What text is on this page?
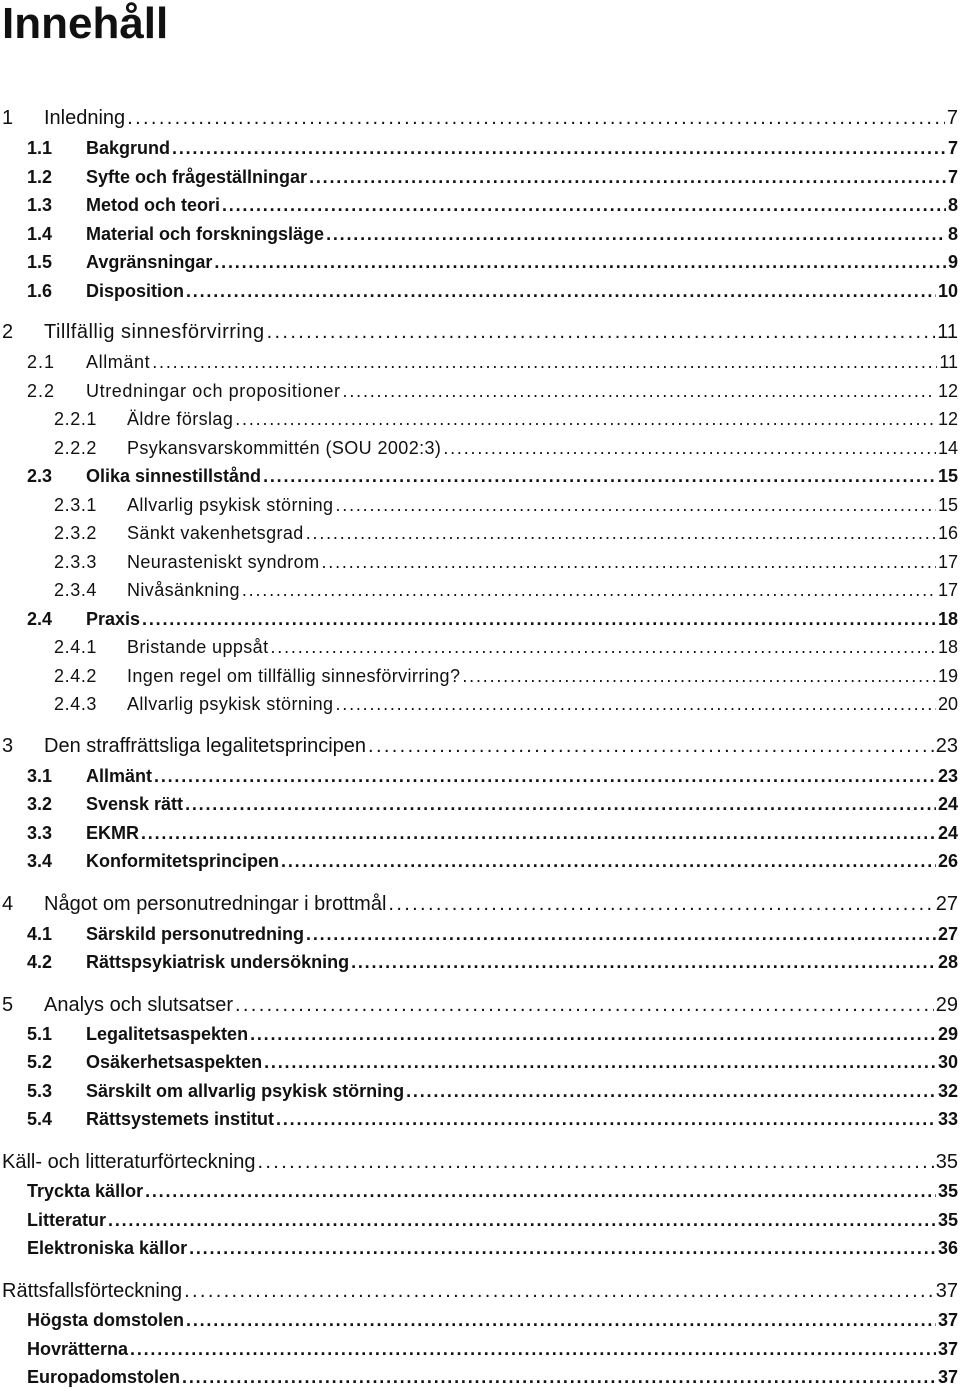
Innehåll
1	Inledning . . .	7
1.1	Bakgrund . . .	7
1.2	Syfte och frågeställningar . . .	7
1.3	Metod och teori . . .	8
1.4	Material och forskningsläge . . .	8
1.5	Avgränsningar . . .	9
1.6	Disposition . . .	10
2	Tillfällig sinnesförvirring . . .	11
2.1	Allmänt . . .	11
2.2	Utredningar och propositioner . . .	12
2.2.1	Äldre förslag . . .	12
2.2.2	Psykansvarskommittén (SOU 2002:3) . . .	14
2.3	Olika sinnestillstånd . . .	15
2.3.1	Allvarlig psykisk störning . . .	15
2.3.2	Sänkt vakenhetsgrad . . .	16
2.3.3	Neurasteniskt syndrom . . .	17
2.3.4	Nivåsänkning . . .	17
2.4	Praxis . . .	18
2.4.1	Bristande uppsåt . . .	18
2.4.2	Ingen regel om tillfällig sinnesförvirring? . . .	19
2.4.3	Allvarlig psykisk störning . . .	20
3	Den straffrättsliga legalitetsprincipen . . .	23
3.1	Allmänt . . .	23
3.2	Svensk rätt . . .	24
3.3	EKMR . . .	24
3.4	Konformitetsprincipen . . .	26
4	Något om personutredningar i brottmål . . .	27
4.1	Särskild personutredning . . .	27
4.2	Rättspsykiatrisk undersökning . . .	28
5	Analys och slutsatser . . .	29
5.1	Legalitetsaspekten . . .	29
5.2	Osäkerhetsaspekten . . .	30
5.3	Särskilt om allvarlig psykisk störning . . .	32
5.4	Rättsystemets institut . . .	33
Käll- och litteraturförteckning . . .	35
Tryckta källor . . .	35
Litteratur . . .	35
Elektroniska källor . . .	36
Rättsfallsförteckning . . .	37
Högsta domstolen . . .	37
Hovrätterna . . .	37
Europadomstolen . . .	37
